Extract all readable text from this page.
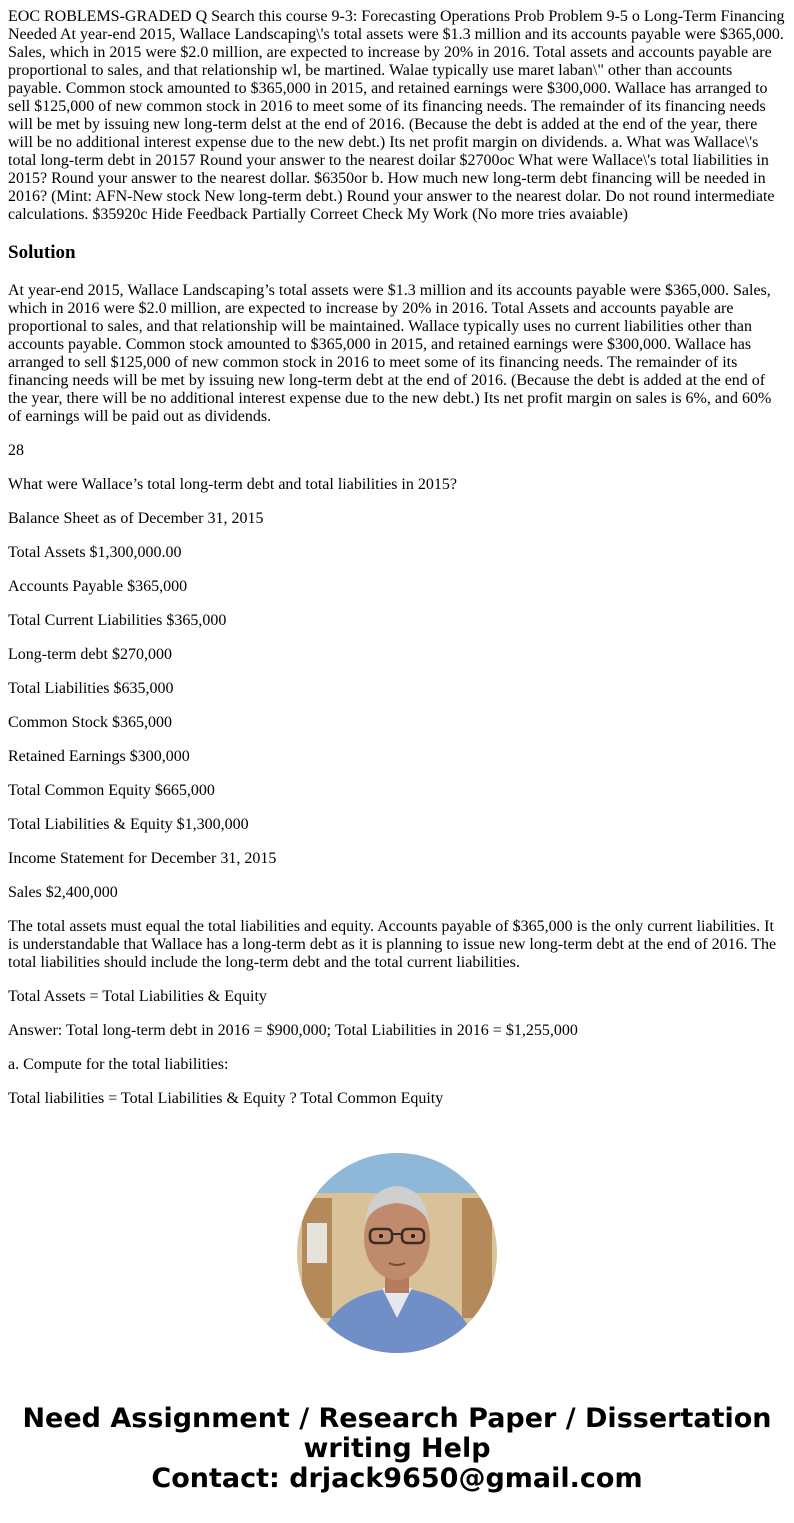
EOC ROBLEMS-GRADED Q Search this course 9-3: Forecasting Operations Prob Problem 9-5 o Long-Term Financing Needed At year-end 2015, Wallace Landscaping\'s total assets were $1.3 million and its accounts payable were $365,000. Sales, which in 2015 were $2.0 million, are expected to increase by 20% in 2016. Total assets and accounts payable are proportional to sales, and that relationship wl, be martined. Walae typically use maret laban\" other than accounts payable. Common stock amounted to $365,000 in 2015, and retained earnings were $300,000. Wallace has arranged to sell $125,000 of new common stock in 2016 to meet some of its financing needs. The remainder of its financing needs will be met by issuing new long-term delst at the end of 2016. (Because the debt is added at the end of the year, there will be no additional interest expense due to the new debt.) Its net profit margin on dividends. a. What was Wallace\'s total long-term debt in 20157 Round your answer to the nearest doilar $2700oc What were Wallace\'s total liabilities in 2015? Round your answer to the nearest dollar. $6350or b. How much new long-term debt financing will be needed in 2016? (Mint: AFN-New stock New long-term debt.) Round your answer to the nearest dolar. Do not round intermediate calculations. $35920c Hide Feedback Partially Correet Check My Work (No more tries avaiable)
Solution

At year-end 2015, Wallace Landscaping’s total assets were $1.3 million and its accounts payable were $365,000. Sales, which in 2016 were $2.0 million, are expected to increase by 20% in 2016. Total Assets and accounts payable are proportional to sales, and that relationship will be maintained. Wallace typically uses no current liabilities other than accounts payable. Common stock amounted to $365,000 in 2015, and retained earnings were $300,000. Wallace has arranged to sell $125,000 of new common stock in 2016 to meet some of its financing needs. The remainder of its financing needs will be met by issuing new long-term debt at the end of 2016. (Because the debt is added at the end of the year, there will be no additional interest expense due to the new debt.) Its net profit margin on sales is 6%, and 60% of earnings will be paid out as dividends.

28

What were Wallace’s total long-term debt and total liabilities in 2015?

Balance Sheet as of December 31, 2015

Total Assets $1,300,000.00

Accounts Payable $365,000

Total Current Liabilities $365,000

Long-term debt $270,000

Total Liabilities $635,000

Common Stock $365,000

Retained Earnings $300,000

Total Common Equity $665,000

Total Liabilities & Equity $1,300,000

Income Statement for December 31, 2015

Sales $2,400,000

The total assets must equal the total liabilities and equity. Accounts payable of $365,000 is the only current liabilities. It is understandable that Wallace has a long-term debt as it is planning to issue new long-term debt at the end of 2016. The total liabilities should include the long-term debt and the total current liabilities.

Total Assets = Total Liabilities & Equity

Answer: Total long-term debt in 2016 = $900,000; Total Liabilities in 2016 = $1,255,000

a. Compute for the total liabilities:

Total liabilities = Total Liabilities & Equity ? Total Common Equity

Need Assignment / Research Paper / Dissertation
writing Help
Contact: drjack9650@gmail.com
